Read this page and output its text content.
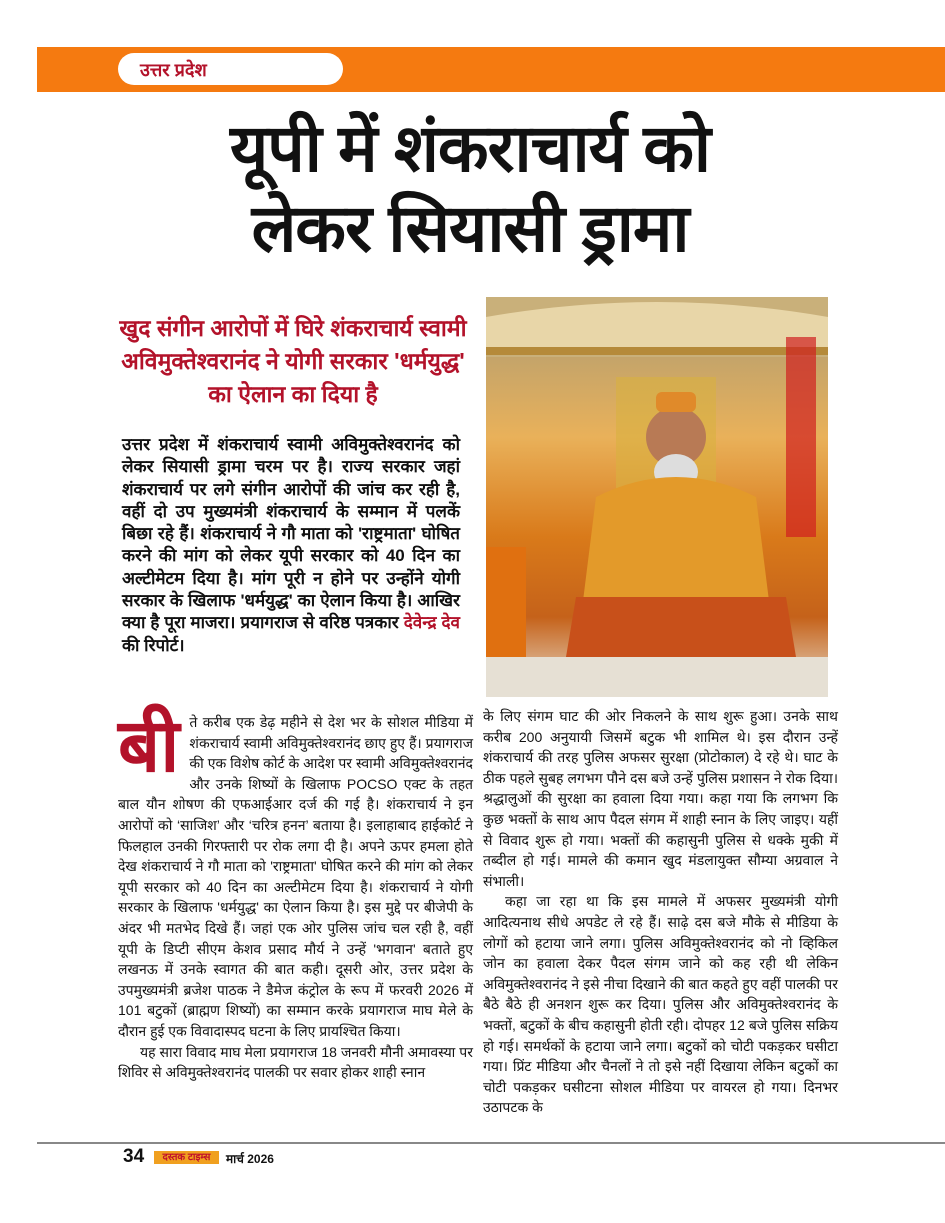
उत्तर प्रदेश
यूपी में शंकराचार्य को
लेकर सियासी ड्रामा
खुद संगीन आरोपों में घिरे शंकराचार्य स्वामी अविमुक्तेश्वरानंद ने योगी सरकार 'धर्मयुद्ध' का ऐलान का दिया है
उत्तर प्रदेश में शंकराचार्य स्वामी अविमुक्तेश्वरानंद को लेकर सियासी ड्रामा चरम पर है। राज्य सरकार जहां शंकराचार्य पर लगे संगीन आरोपों की जांच कर रही है, वहीं दो उप मुख्यमंत्री शंकराचार्य के सम्मान में पलकें बिछा रहे हैं। शंकराचार्य ने गौ माता को 'राष्ट्रमाता' घोषित करने की मांग को लेकर यूपी सरकार को 40 दिन का अल्टीमेटम दिया है। मांग पूरी न होने पर उन्होंने योगी सरकार के खिलाफ 'धर्मयुद्ध' का ऐलान किया है। आखिर क्या है पूरा माजरा। प्रयागराज से वरिष्ठ पत्रकार देवेन्द्र देव की रिपोर्ट।

बी ते करीब एक डेढ़ महीने से देश भर के सोशल मीडिया में शंकराचार्य स्वामी अविमुक्तेश्वरानंद छाए हुए हैं। प्रयागराज की एक विशेष कोर्ट के आदेश पर स्वामी अविमुक्तेश्वरानंद और उनके शिष्यों के खिलाफ POCSO एक्ट के तहत बाल यौन शोषण की एफआईआर दर्ज की गई है। शंकराचार्य ने इन आरोपों को ‘साजिश’ और ‘चरित्र हनन’ बताया है। इलाहाबाद हाईकोर्ट ने फिलहाल उनकी गिरफ्तारी पर रोक लगा दी है। अपने ऊपर हमला होते देख शंकराचार्य ने गौ माता को 'राष्ट्रमाता' घोषित करने की मांग को लेकर यूपी सरकार को 40 दिन का अल्टीमेटम दिया है। शंकराचार्य ने योगी सरकार के खिलाफ 'धर्मयुद्ध' का ऐलान किया है। इस मुद्दे पर बीजेपी के अंदर भी मतभेद दिखे हैं। जहां एक ओर पुलिस जांच चल रही है, वहीं यूपी के डिप्टी सीएम केशव प्रसाद मौर्य ने उन्हें 'भगवान' बताते हुए लखनऊ में उनके स्वागत की बात कही। दूसरी ओर, उत्तर प्रदेश के उपमुख्यमंत्री ब्रजेश पाठक ने डैमेज कंट्रोल के रूप में फरवरी 2026 में 101 बटुकों (ब्राह्मण शिष्यों) का सम्मान करके प्रयागराज माघ मेले के दौरान हुई एक विवादास्पद घटना के लिए प्रायश्चित किया।

यह सारा विवाद माघ मेला प्रयागराज 18 जनवरी मौनी अमावस्या पर शिविर से अविमुक्तेश्वरानंद पालकी पर सवार होकर शाही स्नान

के लिए संगम घाट की ओर निकलने के साथ शुरू हुआ। उनके साथ करीब 200 अनुयायी जिसमें बटुक भी शामिल थे। इस दौरान उन्हें शंकराचार्य की तरह पुलिस अफसर सुरक्षा (प्रोटोकाल) दे रहे थे। घाट के ठीक पहले सुबह लगभग पौने दस बजे उन्हें पुलिस प्रशासन ने रोक दिया। श्रद्धालुओं की सुरक्षा का हवाला दिया गया। कहा गया कि लगभग कि कुछ भक्तों के साथ आप पैदल संगम में शाही स्नान के लिए जाइए। यहीं से विवाद शुरू हो गया। भक्तों की कहासुनी पुलिस से धक्के मुकी में तब्दील हो गई। मामले की कमान खुद मंडलायुक्त सौम्या अग्रवाल ने संभाली।

कहा जा रहा था कि इस मामले में अफसर मुख्यमंत्री योगी आदित्यनाथ सीधे अपडेट ले रहे हैं। साढ़े दस बजे मौके से मीडिया के लोगों को हटाया जाने लगा। पुलिस अविमुक्तेश्वरानंद को नो व्हिकिल जोन का हवाला देकर पैदल संगम जाने को कह रही थी लेकिन अविमुक्तेश्वरानंद ने इसे नीचा दिखाने की बात कहते हुए वहीं पालकी पर बैठे बैठे ही अनशन शुरू कर दिया। पुलिस और अविमुक्तेश्वरानंद के भक्तों, बटुकों के बीच कहासुनी होती रही। दोपहर 12 बजे पुलिस सक्रिय हो गई। समर्थकों के हटाया जाने लगा। बटुकों को चोटी पकड़कर घसीटा गया। प्रिंट मीडिया और चैनलों ने तो इसे नहीं दिखाया लेकिन बटुकों का चोटी पकड़कर घसीटना सोशल मीडिया पर वायरल हो गया। दिनभर उठापटक के

34	दस्तक टाइम्स	मार्च 2026
